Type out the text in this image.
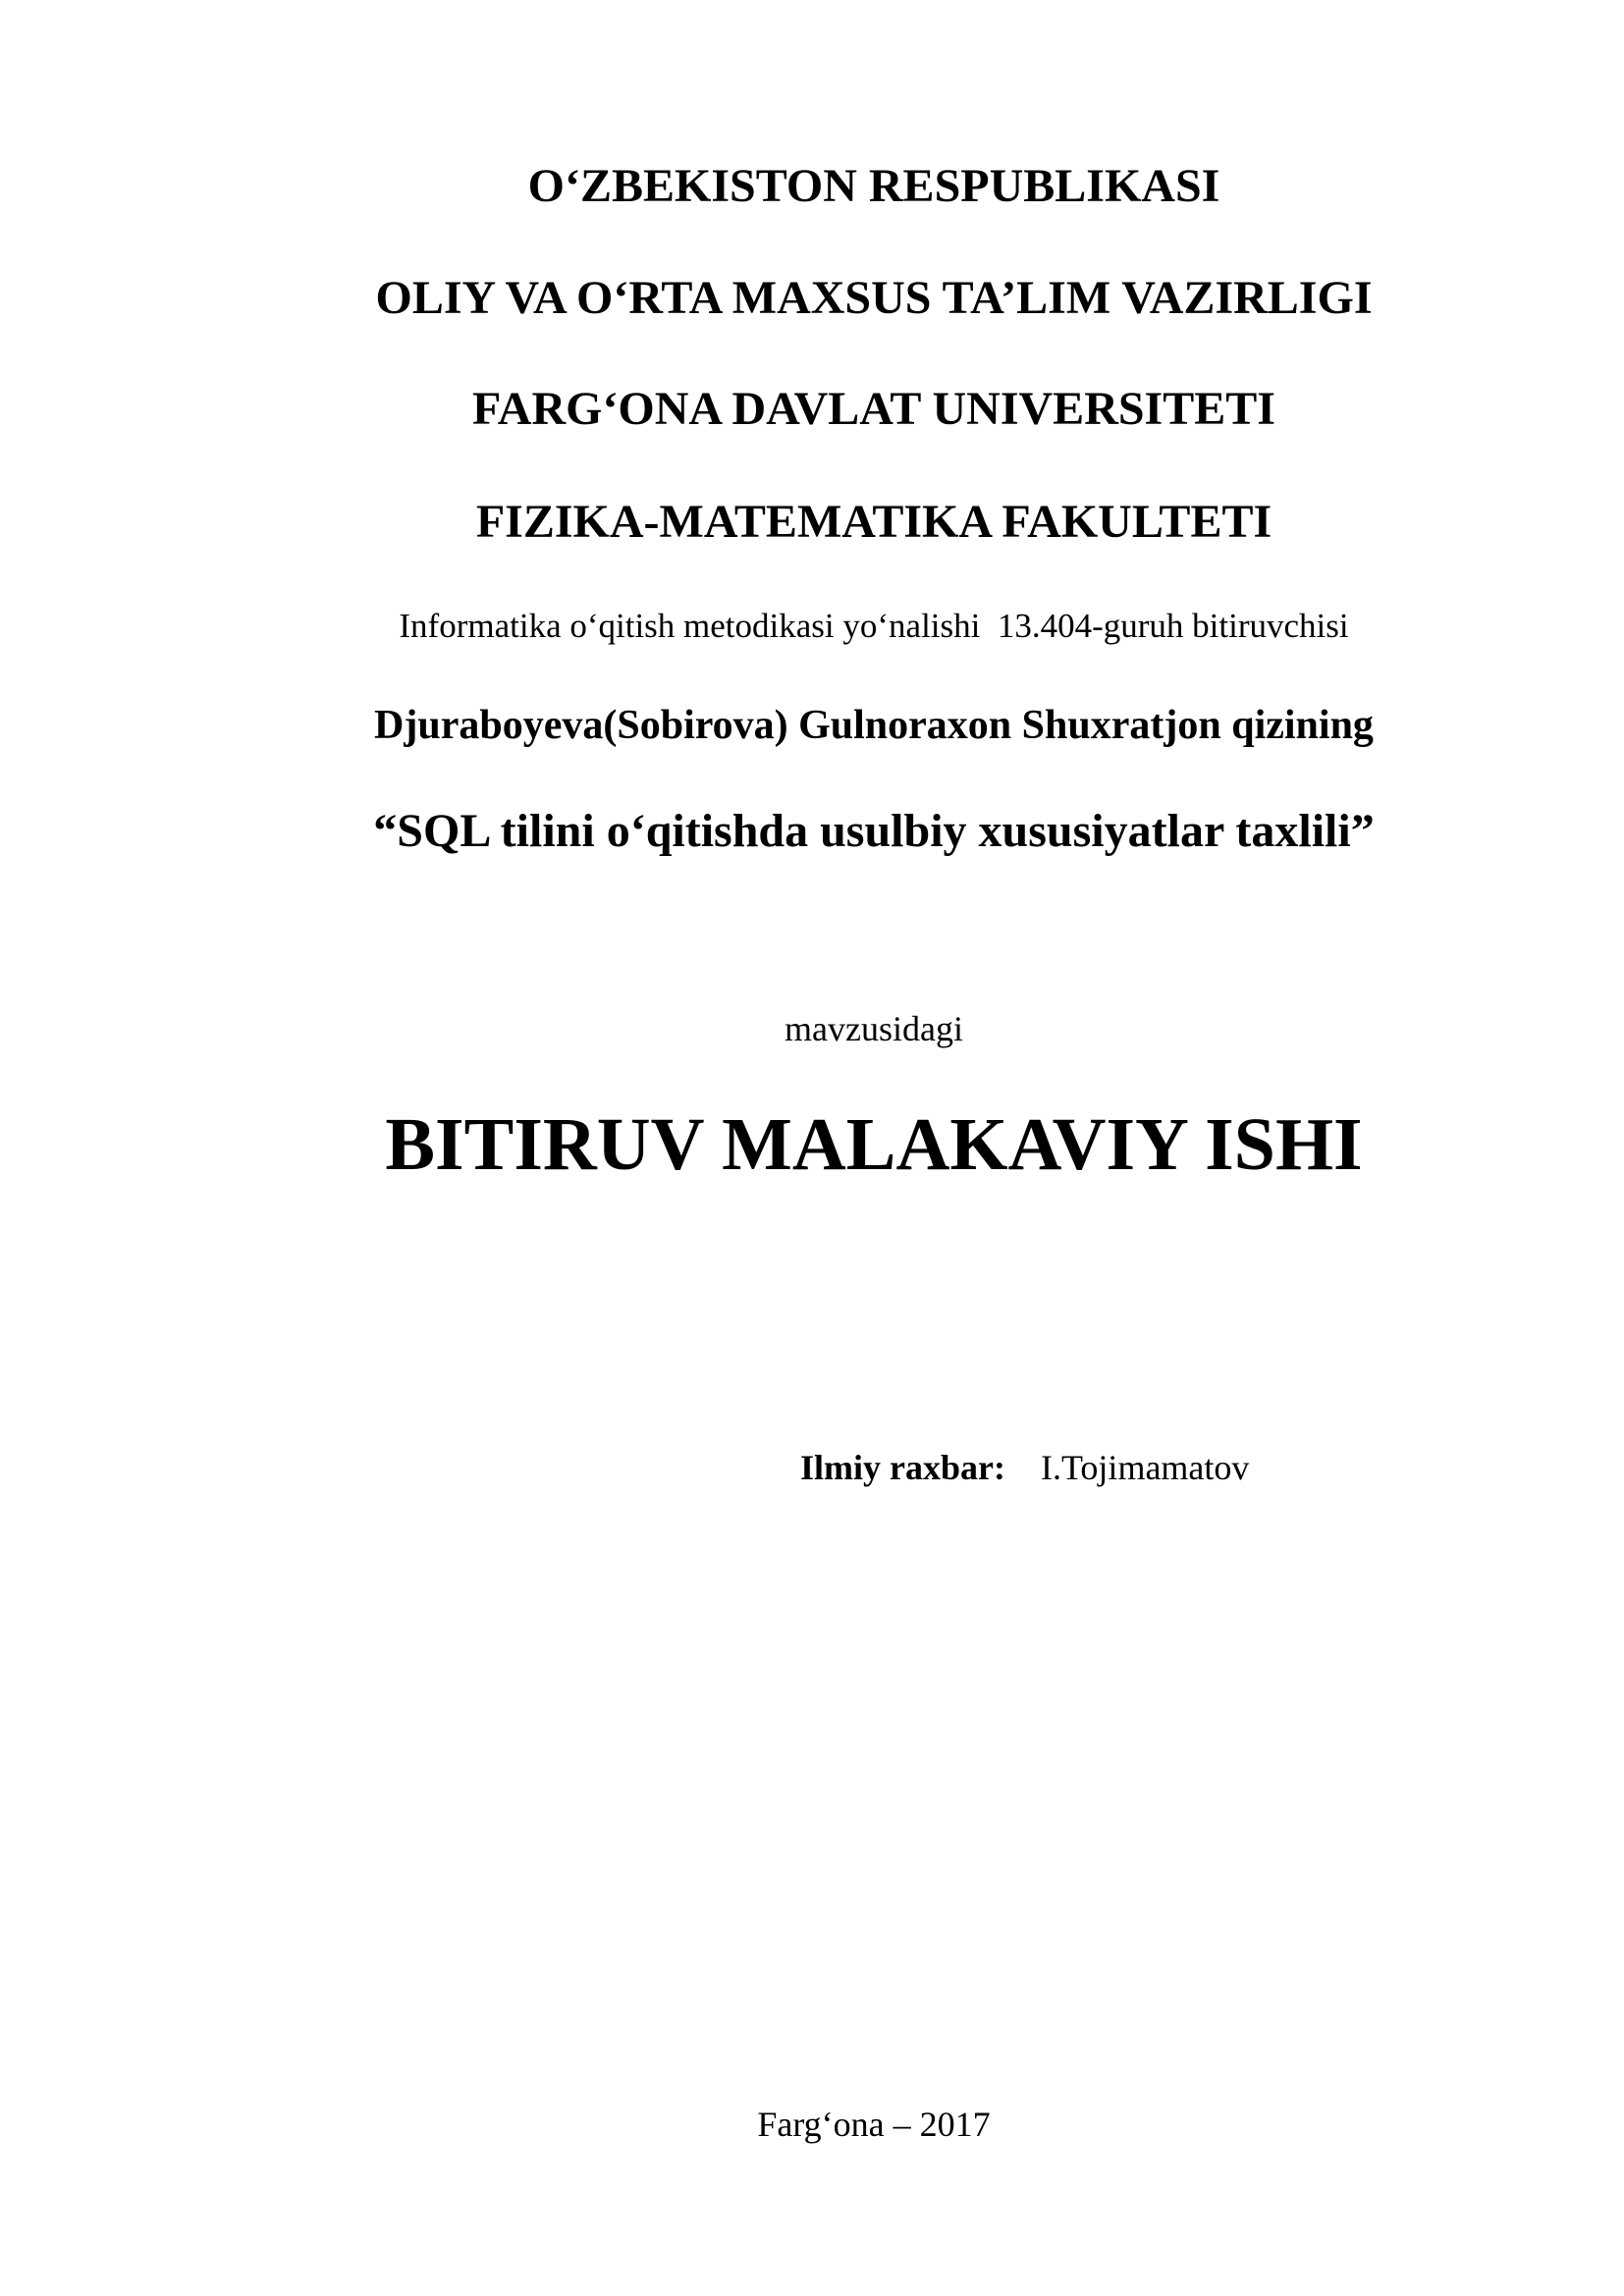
O‘ZBEKISTON RESPUBLIKASI
OLIY VA O‘RTA MAXSUS TA’LIM VAZIRLIGI
FARG‘ONA DAVLAT UNIVERSITETI
FIZIKA-MATEMATIKA FAKULTETI
Informatika o‘qitish metodikasi yo‘nalishi  13.404-guruh bitiruvchisi
Djuraboyeva(Sobirova) Gulnoraxon Shuxratjon qizining
“SQL tilini o‘qitishda usulbiy xususiyatlar taxlili”
mavzusidagi
BITIRUV MALAKAVIY ISHI
Ilmiy raxbar: I.Tojimamatov
Farg‘ona – 2017
